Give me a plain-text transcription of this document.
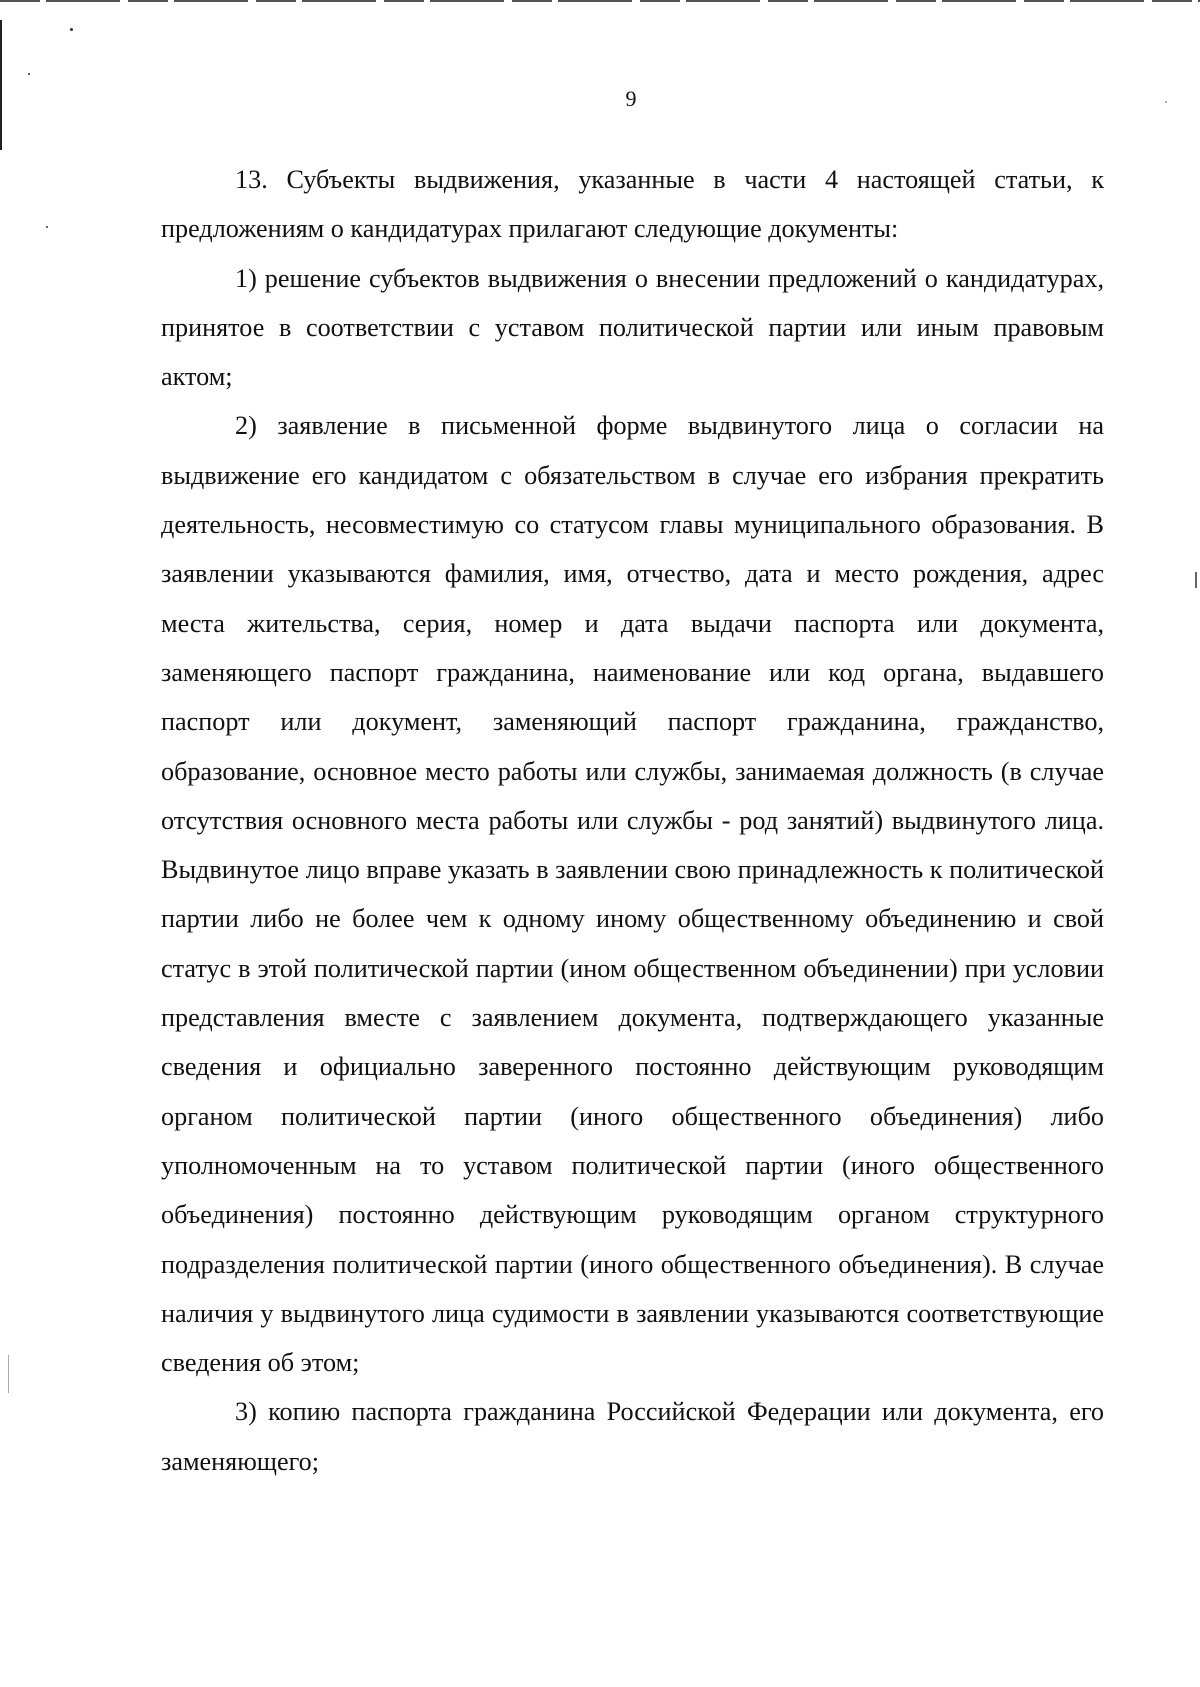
9

13. Субъекты выдвижения, указанные в части 4 настоящей статьи, к предложениям о кандидатурах прилагают следующие документы:

1) решение субъектов выдвижения о внесении предложений о кандидатурах, принятое в соответствии с уставом политической партии или иным правовым актом;

2) заявление в письменной форме выдвинутого лица о согласии на выдвижение его кандидатом с обязательством в случае его избрания прекратить деятельность, несовместимую со статусом главы муниципального образования. В заявлении указываются фамилия, имя, отчество, дата и место рождения, адрес места жительства, серия, номер и дата выдачи паспорта или документа, заменяющего паспорт гражданина, наименование или код органа, выдавшего паспорт или документ, заменяющий паспорт гражданина, гражданство, образование, основное место работы или службы, занимаемая должность (в случае отсутствия основного места работы или службы - род занятий) выдвинутого лица. Выдвинутое лицо вправе указать в заявлении свою принадлежность к политической партии либо не более чем к одному иному общественному объединению и свой статус в этой политической партии (ином общественном объединении) при условии представления вместе с заявлением документа, подтверждающего указанные сведения и официально заверенного постоянно действующим руководящим органом политической партии (иного общественного объединения) либо уполномоченным на то уставом политической партии (иного общественного объединения) постоянно действующим руководящим органом структурного подразделения политической партии (иного общественного объединения). В случае наличия у выдвинутого лица судимости в заявлении указываются соответствующие сведения об этом;

3) копию паспорта гражданина Российской Федерации или документа, его заменяющего;
